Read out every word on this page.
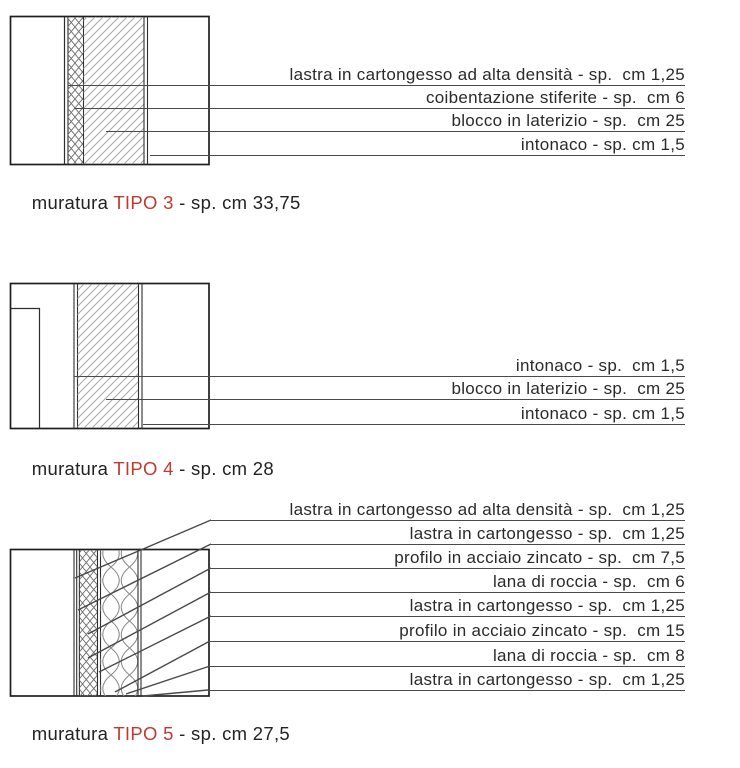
lastra in cartongesso ad alta densità - sp.  cm 1,25
coibentazione stiferite - sp.  cm 6
blocco in laterizio - sp.  cm 25
intonaco - sp. cm 1,5

muratura TIPO 3 - sp. cm 33,75

intonaco - sp.  cm 1,5
blocco in laterizio - sp.  cm 25
intonaco - sp. cm 1,5

muratura TIPO 4 - sp. cm 28

lastra in cartongesso ad alta densità - sp.  cm 1,25
lastra in cartongesso - sp.  cm 1,25
profilo in acciaio zincato - sp.  cm 7,5
lana di roccia - sp.  cm 6
lastra in cartongesso - sp.  cm 1,25
profilo in acciaio zincato - sp.  cm 15
lana di roccia - sp.  cm 8
lastra in cartongesso - sp.  cm 1,25

muratura TIPO 5 - sp. cm 27,5
